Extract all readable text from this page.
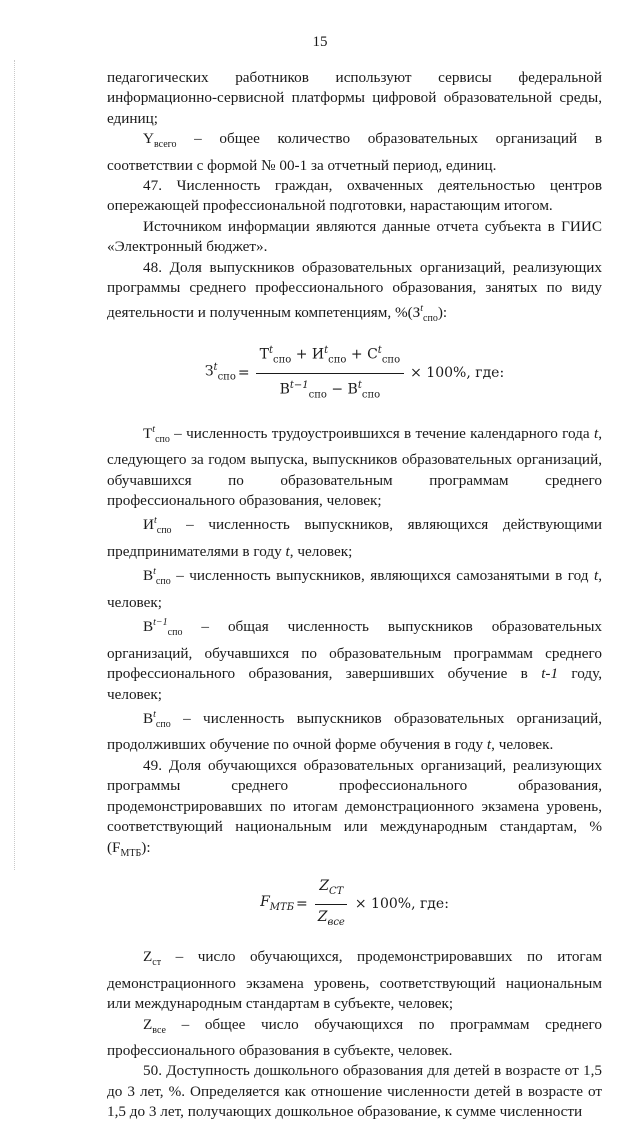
15

педагогических работников используют сервисы федеральной информационно-сервисной платформы цифровой образовательной среды, единиц;

$Y_{всего}$ – общее количество образовательных организаций в соответствии с формой № 00-1 за отчетный период, единиц.

47. Численность граждан, охваченных деятельностью центров опережающей профессиональной подготовки, нарастающим итогом.

Источником информации являются данные отчета субъекта в ГИИС «Электронный бюджет».

48. Доля выпускников образовательных организаций, реализующих программы среднего профессионального образования, занятых по виду деятельности и полученным компетенциям, $\%(З^t_{спо})$:

$З^t_{спо} = \frac{Т^t_{спо} + И^t_{спо} + С^t_{спо}}{В^{t-1}_{спо} - В^t_{спо}} \times 100\%$, где:

$Т^t_{спо}$ – численность трудоустроившихся в течение календарного года t, следующего за годом выпуска, выпускников образовательных организаций, обучавшихся по образовательным программам среднего профессионального образования, человек;

$И^t_{спо}$ – численность выпускников, являющихся действующими предпринимателями в году t, человек;

$В^t_{спо}$ – численность выпускников, являющихся самозанятыми в год t, человек;

$В^{t-1}_{спо}$ – общая численность выпускников образовательных организаций, обучавшихся по образовательным программам среднего профессионального образования, завершивших обучение в t-1 году, человек;

$В^t_{спо}$ – численность выпускников образовательных организаций, продолживших обучение по очной форме обучения в году t, человек.

49. Доля обучающихся образовательных организаций, реализующих программы среднего профессионального образования, продемонстрировавших по итогам демонстрационного экзамена уровень, соответствующий национальным или международным стандартам, % $(F_{МТБ})$:

$F_{МТБ} = \frac{Z_{СТ}}{Z_{все}} \times 100\%$, где:

$Z_{ст}$ – число обучающихся, продемонстрировавших по итогам демонстрационного экзамена уровень, соответствующий национальным или международным стандартам в субъекте, человек;

$Z_{все}$ – общее число обучающихся по программам среднего профессионального образования в субъекте, человек.

50. Доступность дошкольного образования для детей в возрасте от 1,5 до 3 лет, %. Определяется как отношение численности детей в возрасте от 1,5 до 3 лет, получающих дошкольное образование, к сумме численности
